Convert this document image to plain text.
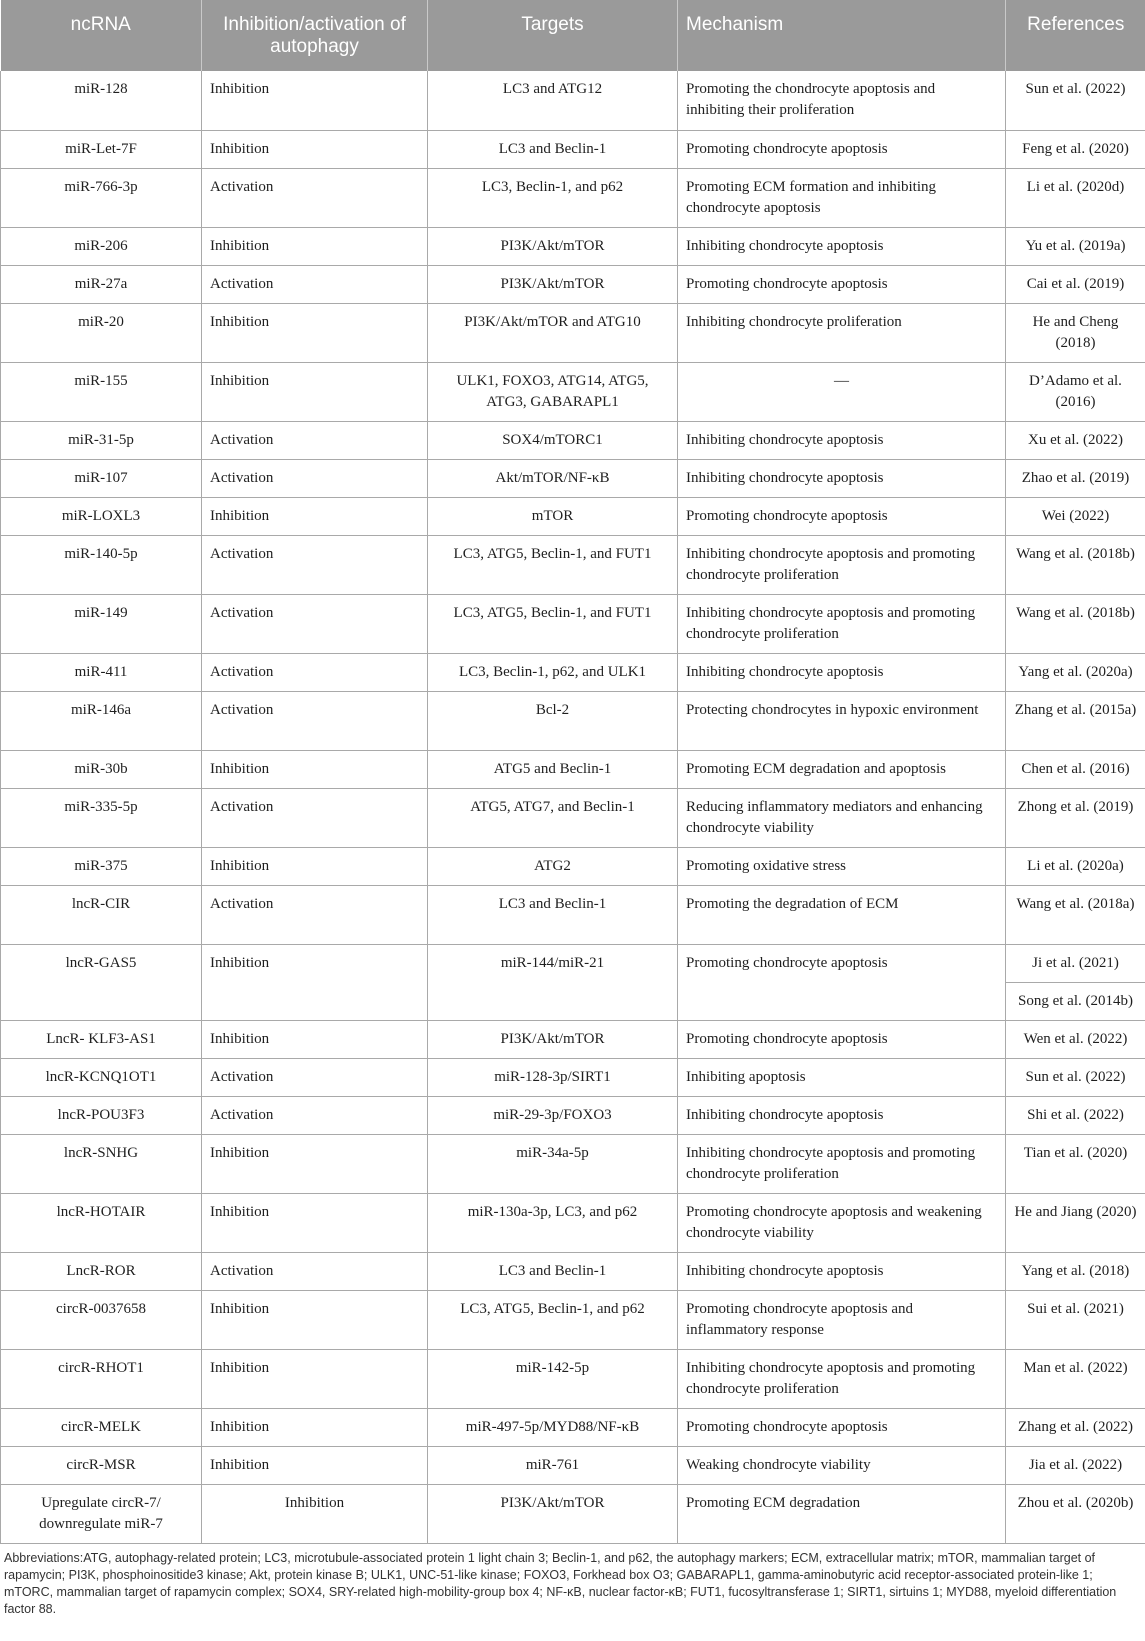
ncRNA	Inhibition/activation of autophagy	Targets	Mechanism	References
miR-128	Inhibition	LC3 and ATG12	Promoting the chondrocyte apoptosis and inhibiting their proliferation	Sun et al. (2022)
miR-Let-7F	Inhibition	LC3 and Beclin-1	Promoting chondrocyte apoptosis	Feng et al. (2020)
miR-766-3p	Activation	LC3, Beclin-1, and p62	Promoting ECM formation and inhibiting chondrocyte apoptosis	Li et al. (2020d)
miR-206	Inhibition	PI3K/Akt/mTOR	Inhibiting chondrocyte apoptosis	Yu et al. (2019a)
miR-27a	Activation	PI3K/Akt/mTOR	Promoting chondrocyte apoptosis	Cai et al. (2019)
miR-20	Inhibition	PI3K/Akt/mTOR and ATG10	Inhibiting chondrocyte proliferation	He and Cheng (2018)
miR-155	Inhibition	ULK1, FOXO3, ATG14, ATG5, ATG3, GABARAPL1	—	D’Adamo et al. (2016)
miR-31-5p	Activation	SOX4/mTORC1	Inhibiting chondrocyte apoptosis	Xu et al. (2022)
miR-107	Activation	Akt/mTOR/NF-κB	Inhibiting chondrocyte apoptosis	Zhao et al. (2019)
miR-LOXL3	Inhibition	mTOR	Promoting chondrocyte apoptosis	Wei (2022)
miR-140-5p	Activation	LC3, ATG5, Beclin-1, and FUT1	Inhibiting chondrocyte apoptosis and promoting chondrocyte proliferation	Wang et al. (2018b)
miR-149	Activation	LC3, ATG5, Beclin-1, and FUT1	Inhibiting chondrocyte apoptosis and promoting chondrocyte proliferation	Wang et al. (2018b)
miR-411	Activation	LC3, Beclin-1, p62, and ULK1	Inhibiting chondrocyte apoptosis	Yang et al. (2020a)
miR-146a	Activation	Bcl-2	Protecting chondrocytes in hypoxic environment	Zhang et al. (2015a)
miR-30b	Inhibition	ATG5 and Beclin-1	Promoting ECM degradation and apoptosis	Chen et al. (2016)
miR-335-5p	Activation	ATG5, ATG7, and Beclin-1	Reducing inflammatory mediators and enhancing chondrocyte viability	Zhong et al. (2019)
miR-375	Inhibition	ATG2	Promoting oxidative stress	Li et al. (2020a)
lncR-CIR	Activation	LC3 and Beclin-1	Promoting the degradation of ECM	Wang et al. (2018a)
lncR-GAS5	Inhibition	miR-144/miR-21	Promoting chondrocyte apoptosis	Ji et al. (2021)
				Song et al. (2014b)
LncR- KLF3-AS1	Inhibition	PI3K/Akt/mTOR	Promoting chondrocyte apoptosis	Wen et al. (2022)
lncR-KCNQ1OT1	Activation	miR-128-3p/SIRT1	Inhibiting apoptosis	Sun et al. (2022)
lncR-POU3F3	Activation	miR-29-3p/FOXO3	Inhibiting chondrocyte apoptosis	Shi et al. (2022)
lncR-SNHG	Inhibition	miR-34a-5p	Inhibiting chondrocyte apoptosis and promoting chondrocyte proliferation	Tian et al. (2020)
lncR-HOTAIR	Inhibition	miR-130a-3p, LC3, and p62	Promoting chondrocyte apoptosis and weakening chondrocyte viability	He and Jiang (2020)
LncR-ROR	Activation	LC3 and Beclin-1	Inhibiting chondrocyte apoptosis	Yang et al. (2018)
circR-0037658	Inhibition	LC3, ATG5, Beclin-1, and p62	Promoting chondrocyte apoptosis and inflammatory response	Sui et al. (2021)
circR-RHOT1	Inhibition	miR-142-5p	Inhibiting chondrocyte apoptosis and promoting chondrocyte proliferation	Man et al. (2022)
circR-MELK	Inhibition	miR-497-5p/MYD88/NF-κB	Promoting chondrocyte apoptosis	Zhang et al. (2022)
circR-MSR	Inhibition	miR-761	Weaking chondrocyte viability	Jia et al. (2022)
Upregulate circR-7/ downregulate miR-7	Inhibition	PI3K/Akt/mTOR	Promoting ECM degradation	Zhou et al. (2020b)
Abbreviations:ATG, autophagy-related protein; LC3, microtubule-associated protein 1 light chain 3; Beclin-1, and p62, the autophagy markers; ECM, extracellular matrix; mTOR, mammalian target of rapamycin; PI3K, phosphoinositide3 kinase; Akt, protein kinase B; ULK1, UNC-51-like kinase; FOXO3, Forkhead box O3; GABARAPL1, gamma-aminobutyric acid receptor-associated protein-like 1; mTORC, mammalian target of rapamycin complex; SOX4, SRY-related high-mobility-group box 4; NF-κB, nuclear factor-κB; FUT1, fucosyltransferase 1; SIRT1, sirtuins 1; MYD88, myeloid differentiation factor 88.
